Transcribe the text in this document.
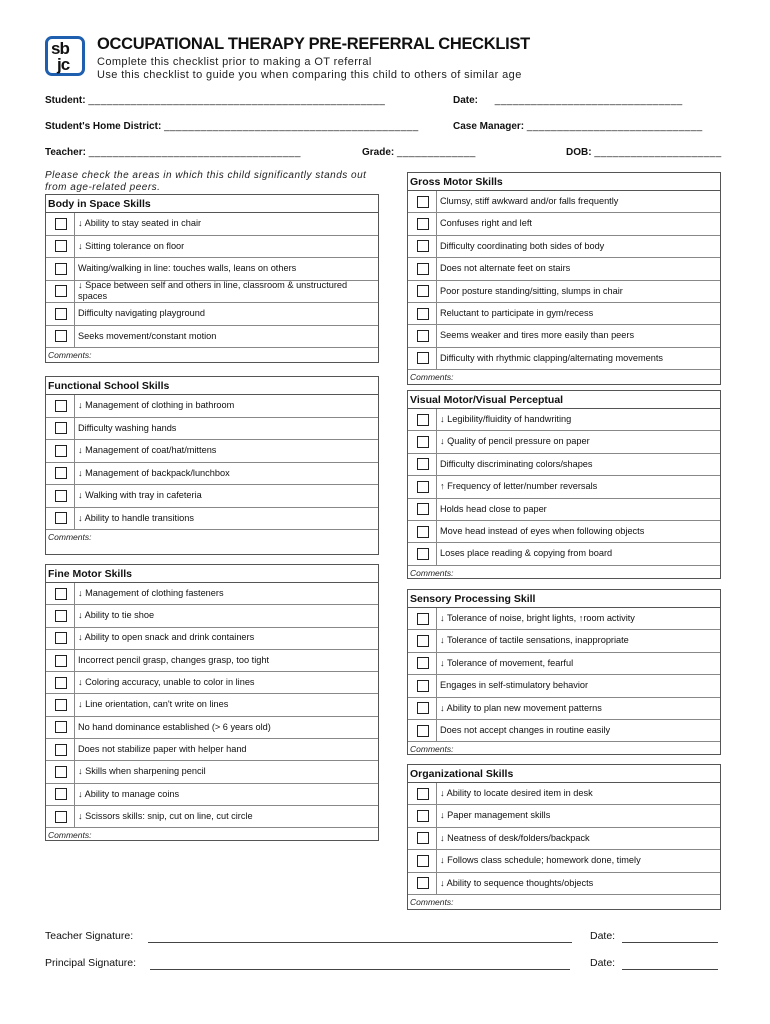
sb
jc
OCCUPATIONAL THERAPY PRE-REFERRAL CHECKLIST
Complete this checklist prior to making a OT referral
Use this checklist to guide you when comparing this child to others of similar age
Student: _________________________________________________	Date: _______________________________
Student's Home District: __________________________________________	Case Manager: _____________________________
Teacher: ___________________________________	Grade: _____________	DOB: _____________________
Please check the areas in which this child significantly stands out from age-related peers.
Body in Space Skills
↓ Ability to stay seated in chair
↓ Sitting tolerance on floor
Waiting/walking in line: touches walls, leans on others
↓ Space between self and others in line, classroom & unstructured spaces
Difficulty navigating playground
Seeks movement/constant motion
Comments:
Functional School Skills
↓ Management of clothing in bathroom
Difficulty washing hands
↓ Management of coat/hat/mittens
↓ Management of backpack/lunchbox
↓ Walking with tray in cafeteria
↓ Ability to handle transitions
Comments:
Fine Motor Skills
↓ Management of clothing fasteners
↓ Ability to tie shoe
↓ Ability to open snack and drink containers
Incorrect pencil grasp, changes grasp, too tight
↓ Coloring accuracy, unable to color in lines
↓ Line orientation, can't write on lines
No hand dominance established (> 6 years old)
Does not stabilize paper with helper hand
↓ Skills when sharpening pencil
↓ Ability to manage coins
↓ Scissors skills: snip, cut on line, cut circle
Comments:
Gross Motor Skills
Clumsy, stiff awkward and/or falls frequently
Confuses right and left
Difficulty coordinating both sides of body
Does not alternate feet on stairs
Poor posture standing/sitting, slumps in chair
Reluctant to participate in gym/recess
Seems weaker and tires more easily than peers
Difficulty with rhythmic clapping/alternating movements
Comments:
Visual Motor/Visual Perceptual
↓ Legibility/fluidity of handwriting
↓ Quality of pencil pressure on paper
Difficulty discriminating colors/shapes
↑ Frequency of letter/number reversals
Holds head close to paper
Move head instead of eyes when following objects
Loses place reading & copying from board
Comments:
Sensory Processing Skill
↓ Tolerance of noise, bright lights, ↑room activity
↓ Tolerance of tactile sensations, inappropriate
↓ Tolerance of movement, fearful
Engages in self-stimulatory behavior
↓ Ability to plan new movement patterns
Does not accept changes in routine easily
Comments:
Organizational Skills
↓ Ability to locate desired item in desk
↓ Paper management skills
↓ Neatness of desk/folders/backpack
↓ Follows class schedule; homework done, timely
↓ Ability to sequence thoughts/objects
Comments:
Teacher Signature:	Date:
Principal Signature:	Date:
